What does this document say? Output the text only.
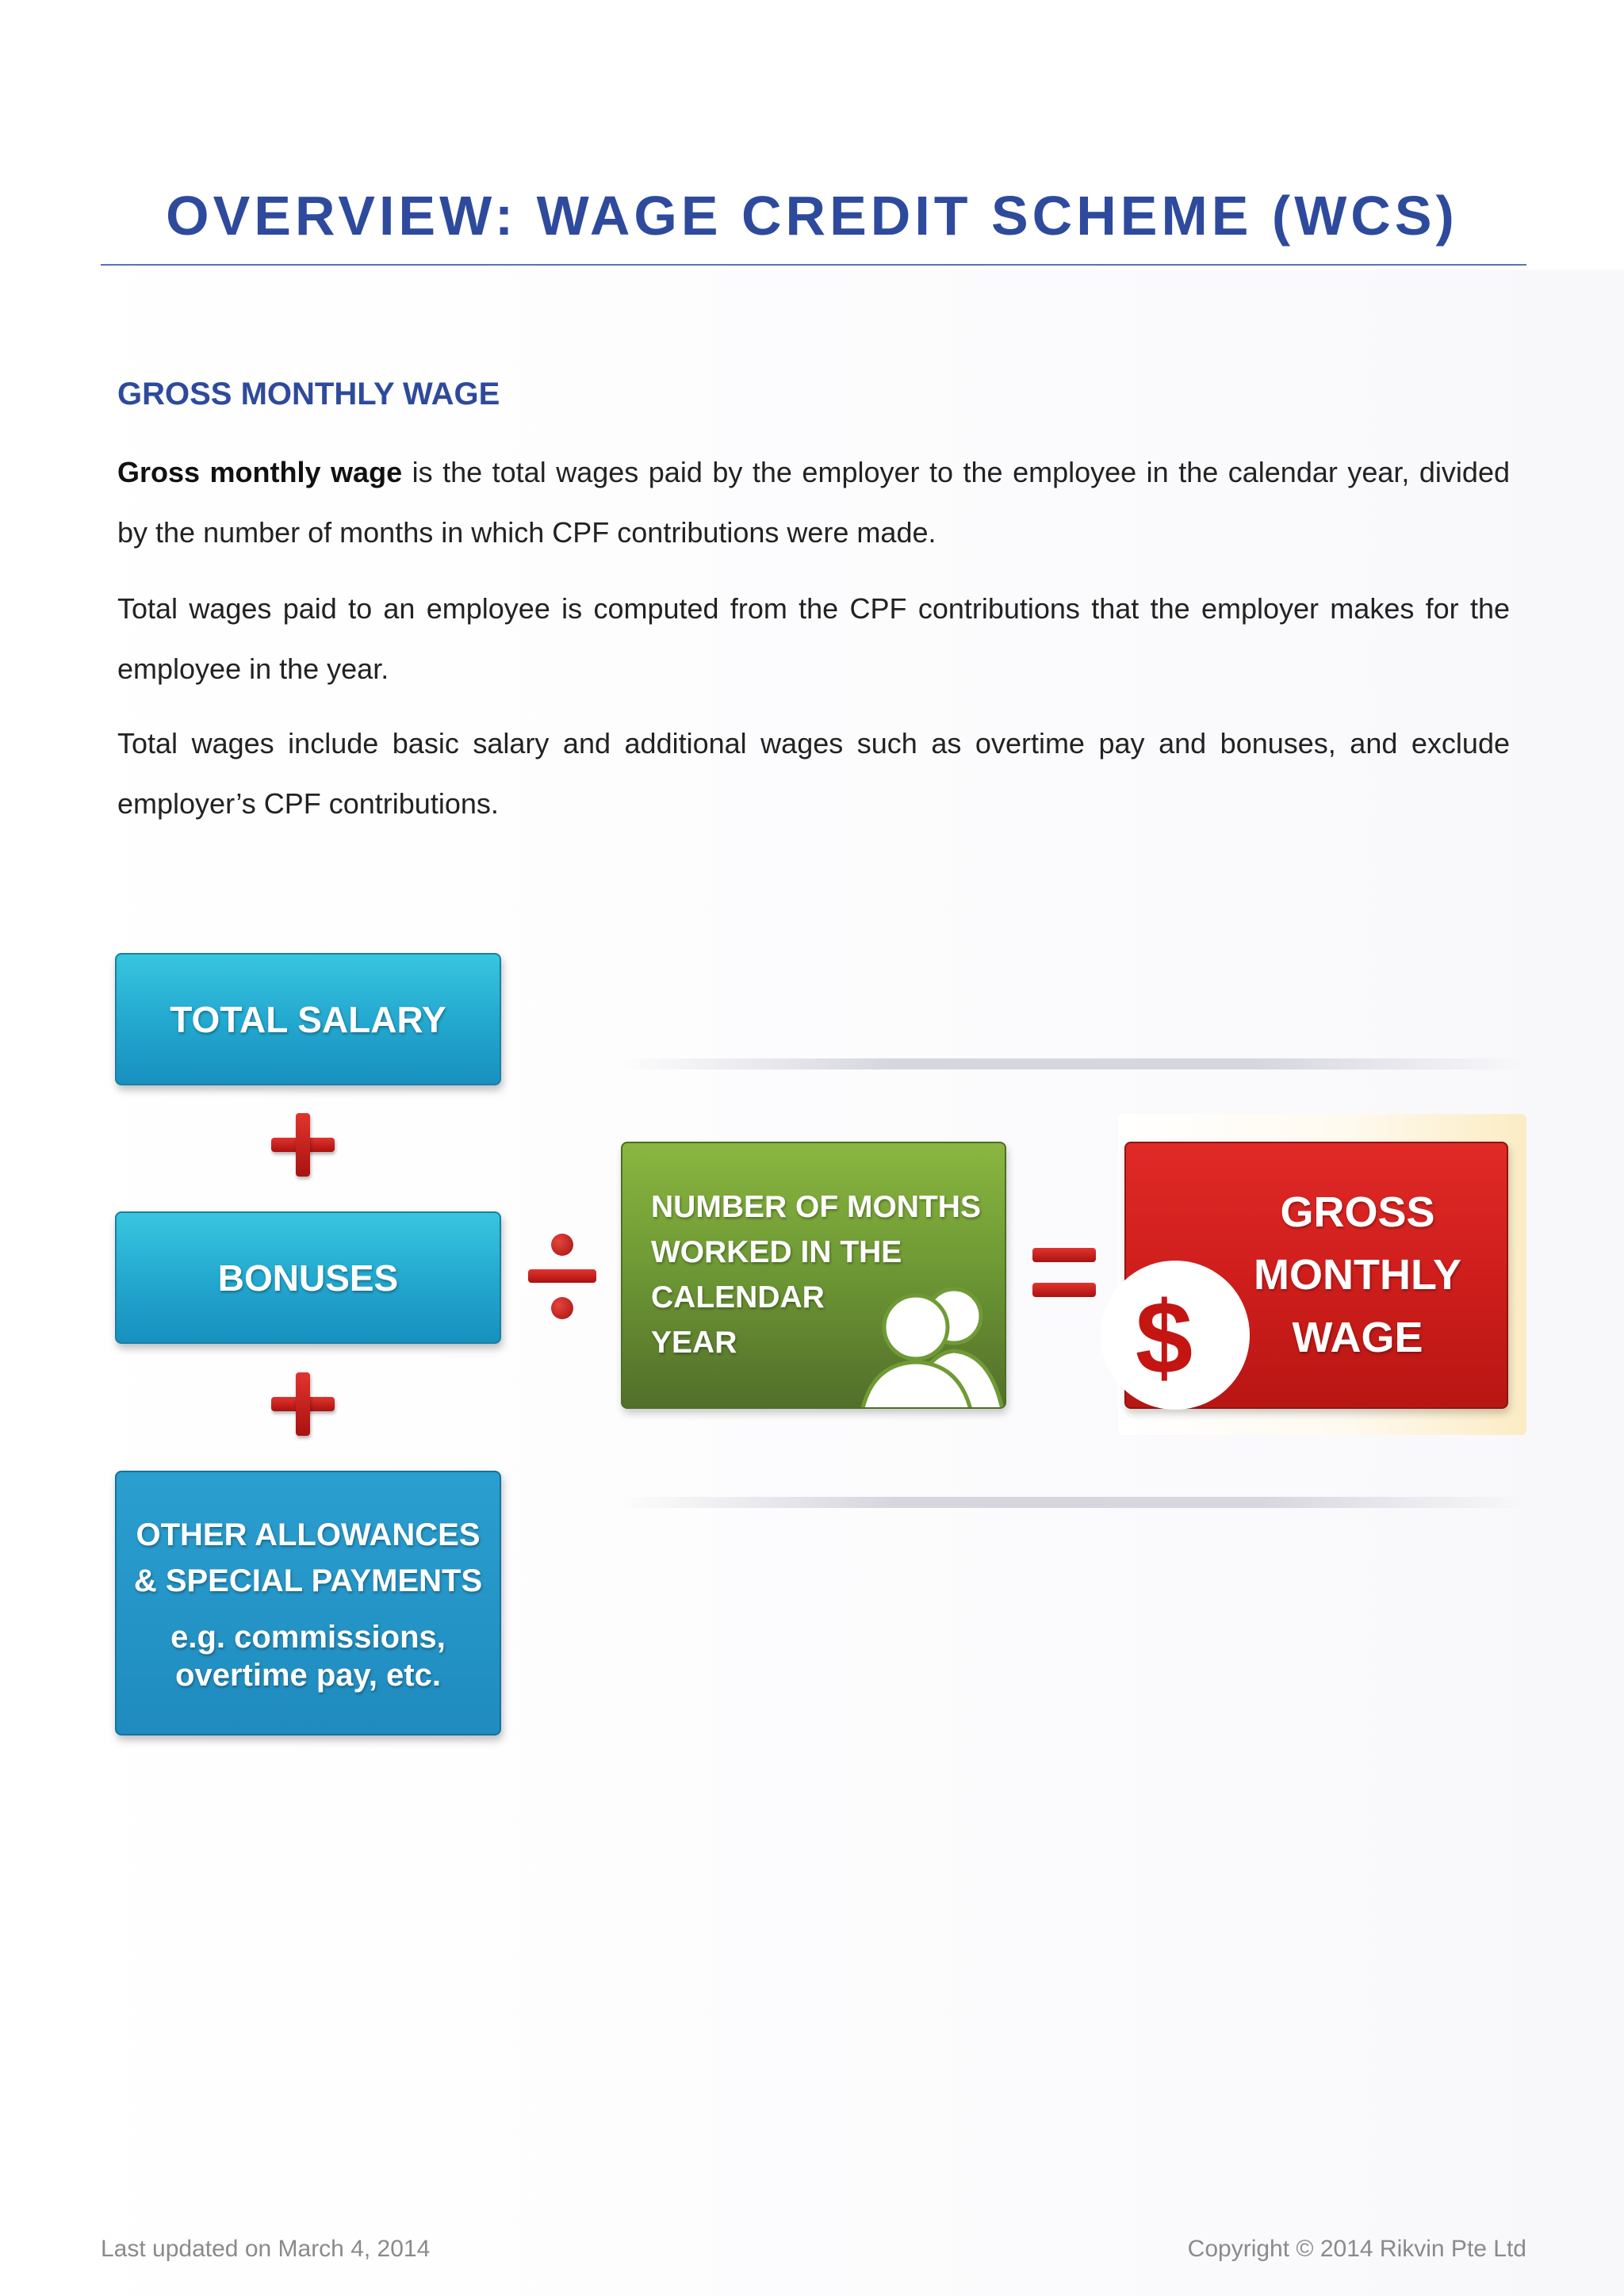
OVERVIEW: WAGE CREDIT SCHEME (WCS)
GROSS MONTHLY WAGE
Gross monthly wage is the total wages paid by the employer to the employee in the calendar year, divided by the number of months in which CPF contributions were made.
Total wages paid to an employee is computed from the CPF contributions that the employer makes for the employee in the year.
Total wages include basic salary and additional wages such as overtime pay and bonuses, and exclude employer’s CPF contributions.
TOTAL SALARY
BONUSES
OTHER ALLOWANCES
& SPECIAL PAYMENTS
e.g. commissions,
overtime pay, etc.
NUMBER OF MONTHS
WORKED IN THE
CALENDAR
YEAR
GROSS
MONTHLY
WAGE
$
Last updated on March 4, 2014	Copyright © 2014 Rikvin Pte Ltd
